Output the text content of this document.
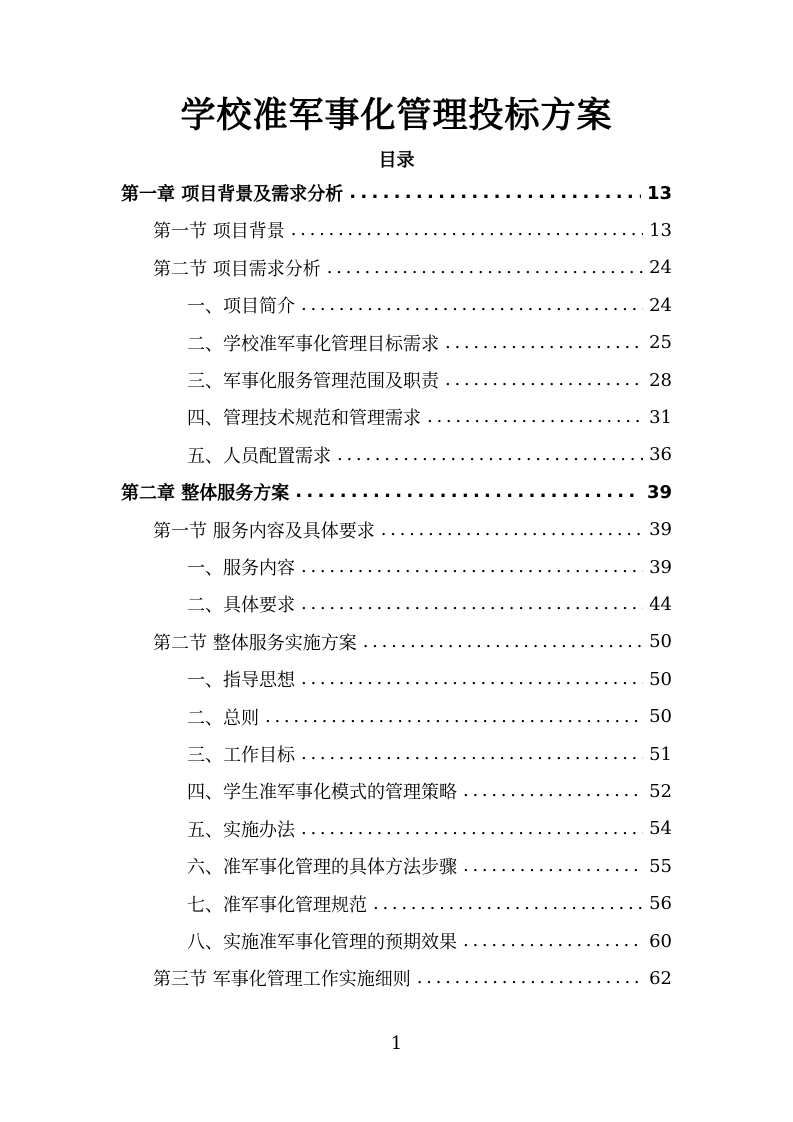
学校准军事化管理投标方案
目录
第一章 项目背景及需求分析 . . .	13
第一节 项目背景 . . .	13
第二节 项目需求分析 . . .	24
一、项目简介 . . .	24
二、学校准军事化管理目标需求 . . .	25
三、军事化服务管理范围及职责 . . .	28
四、管理技术规范和管理需求 . . .	31
五、人员配置需求 . . .	36
第二章 整体服务方案 . . .	39
第一节 服务内容及具体要求 . . .	39
一、服务内容 . . .	39
二、具体要求 . . .	44
第二节 整体服务实施方案 . . .	50
一、指导思想 . . .	50
二、总则 . . .	50
三、工作目标 . . .	51
四、学生准军事化模式的管理策略 . . .	52
五、实施办法 . . .	54
六、准军事化管理的具体方法步骤 . . .	55
七、准军事化管理规范 . . .	56
八、实施准军事化管理的预期效果 . . .	60
第三节 军事化管理工作实施细则 . . .	62
1
